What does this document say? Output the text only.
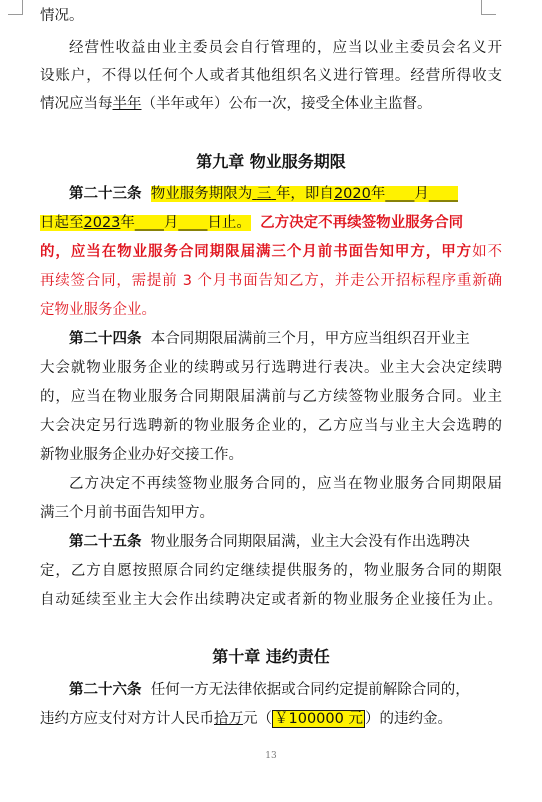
情况。
经营性收益由业主委员会自行管理的，应当以业主委员会名义开
设账户，不得以任何个人或者其他组织名义进行管理。经营所得收支
情况应当每半年（半年或年）公布一次，接受全体业主监督。
第九章 物业服务期限
第二十三条 物业服务期限为 三 年，即自2020年____月____
日起至2023年____月____日止。 乙方决定不再续签物业服务合同
的，应当在物业服务合同期限届满三个月前书面告知甲方，甲方如不
再续签合同，需提前 3 个月书面告知乙方，并走公开招标程序重新确
定物业服务企业。
第二十四条 本合同期限届满前三个月，甲方应当组织召开业主
大会就物业服务企业的续聘或另行选聘进行表决。业主大会决定续聘
的，应当在物业服务合同期限届满前与乙方续签物业服务合同。业主
大会决定另行选聘新的物业服务企业的，乙方应当与业主大会选聘的
新物业服务企业办好交接工作。
乙方决定不再续签物业服务合同的，应当在物业服务合同期限届
满三个月前书面告知甲方。
第二十五条 物业服务合同期限届满，业主大会没有作出选聘决
定，乙方自愿按照原合同约定继续提供服务的，物业服务合同的期限
自动延续至业主大会作出续聘决定或者新的物业服务企业接任为止。
第十章 违约责任
第二十六条 任何一方无法律依据或合同约定提前解除合同的，
违约方应支付对方计人民币拾万元（ ￥100000 元 ）的违约金。
13
